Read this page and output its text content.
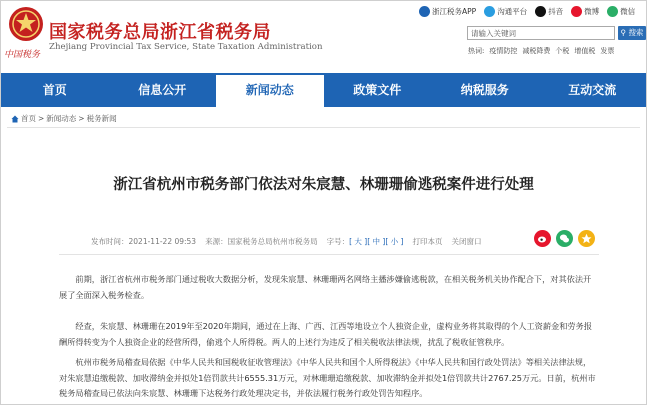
国家税务总局浙江省税务局
Zhejiang Provincial Tax Service, State Taxation Administration
中国税务
浙江税务APP	沟通平台	抖音	微博	微信
请输入关键词	⚲ 搜索
热词: 疫情防控 减税降费 个税 增值税 发票
首页	信息公开	新闻动态	政策文件	纳税服务	互动交流
首页 > 新闻动态 > 税务新闻
浙江省杭州市税务部门依法对朱宸慧、林珊珊偷逃税案件进行处理
发布时间：2021-11-22 09:53 来源：国家税务总局杭州市税务局 字号：[ 大 ][ 中 ][ 小 ] 打印本页 关闭窗口

前期，浙江省杭州市税务部门通过税收大数据分析，发现朱宸慧、林珊珊两名网络主播涉嫌偷逃税款，在相关税务机关协作配合下，对其依法开展了全面深入税务检查。

经查，朱宸慧、林珊珊在2019年至2020年期间，通过在上海、广西、江西等地设立个人独资企业，虚构业务将其取得的个人工资薪金和劳务报酬所得转变为个人独资企业的经营所得，偷逃个人所得税。两人的上述行为违反了相关税收法律法规，扰乱了税收征管秩序。

杭州市税务局稽查局依据《中华人民共和国税收征收管理法》《中华人民共和国个人所得税法》《中华人民共和国行政处罚法》等相关法律法规，对朱宸慧追缴税款、加收滞纳金并拟处1倍罚款共计6555.31万元，对林珊珊追缴税款、加收滞纳金并拟处1倍罚款共计2767.25万元。日前，杭州市税务局稽查局已依法向朱宸慧、林珊珊下达税务行政处理决定书，并依法履行税务行政处罚告知程序。
